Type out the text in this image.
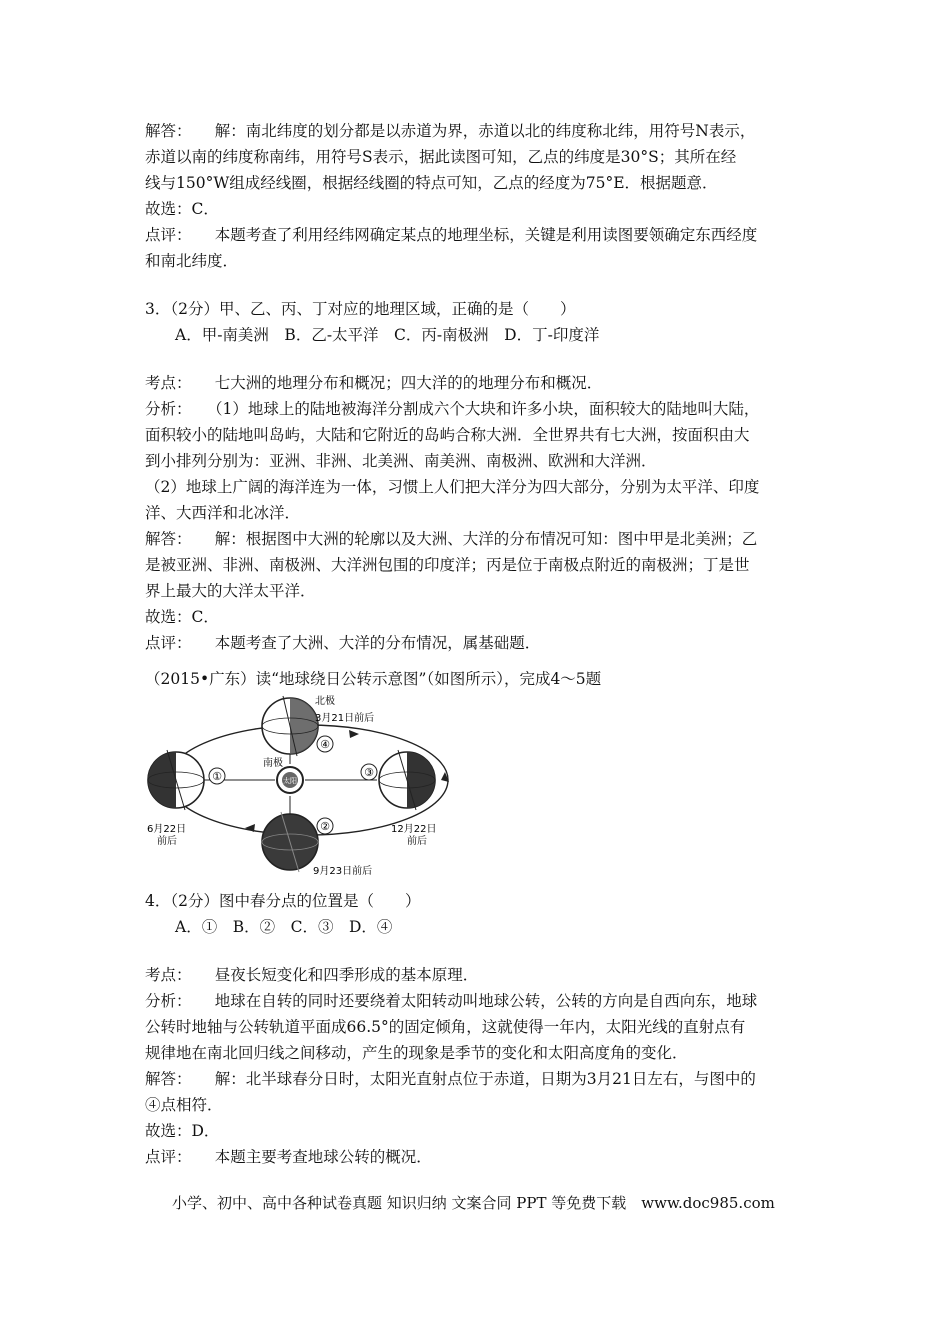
解答：　　解：南北纬度的划分都是以赤道为界，赤道以北的纬度称北纬，用符号N表示，
赤道以南的纬度称南纬，用符号S表示，据此读图可知，乙点的纬度是30°S；其所在经
线与150°W组成经线圈，根据经线圈的特点可知，乙点的经度为75°E．根据题意．
故选：C．
点评：　　本题考查了利用经纬网确定某点的地理坐标，关键是利用读图要领确定东西经度
和南北纬度．
3．（2分）甲、乙、丙、丁对应的地理区域，正确的是（　　）
A．甲-南美洲　B．乙-太平洋　C．丙-南极洲　D．丁-印度洋
考点：　　七大洲的地理分布和概况；四大洋的的地理分布和概况．
分析：　　（1）地球上的陆地被海洋分割成六个大块和许多小块，面积较大的陆地叫大陆，
面积较小的陆地叫岛屿，大陆和它附近的岛屿合称大洲．全世界共有七大洲，按面积由大
到小排列分别为：亚洲、非洲、北美洲、南美洲、南极洲、欧洲和大洋洲．
（2）地球上广阔的海洋连为一体，习惯上人们把大洋分为四大部分，分别为太平洋、印度
洋、大西洋和北冰洋．
解答：　　解：根据图中大洲的轮廓以及大洲、大洋的分布情况可知：图中甲是北美洲；乙
是被亚洲、非洲、南极洲、大洋洲包围的印度洋；丙是位于南极点附近的南极洲；丁是世
界上最大的大洋太平洋．
故选：C．
点评：　　本题考查了大洲、大洋的分布情况，属基础题．
（2015•广东）读“地球绕日公转示意图”（如图所示），完成4～5题
4．（2分）图中春分点的位置是（　　）
A．①　B．②　C．③　D．④
考点：　　昼夜长短变化和四季形成的基本原理．
分析：　　地球在自转的同时还要绕着太阳转动叫地球公转，公转的方向是自西向东，地球
公转时地轴与公转轨道平面成66.5°的固定倾角，这就使得一年内，太阳光线的直射点有
规律地在南北回归线之间移动，产生的现象是季节的变化和太阳高度角的变化．
解答：　　解：北半球春分日时，太阳光直射点位于赤道，日期为3月21日左右，与图中的
④点相符．
故选：D．
点评：　　本题主要考查地球公转的概况．
太阳
北极
3月21日前后
南极
④
①
6月22日
前后
③
12月22日
前后
②
9月23日前后
小学、初中、高中各种试卷真题 知识归纳 文案合同 PPT 等免费下载　www.doc985.com
